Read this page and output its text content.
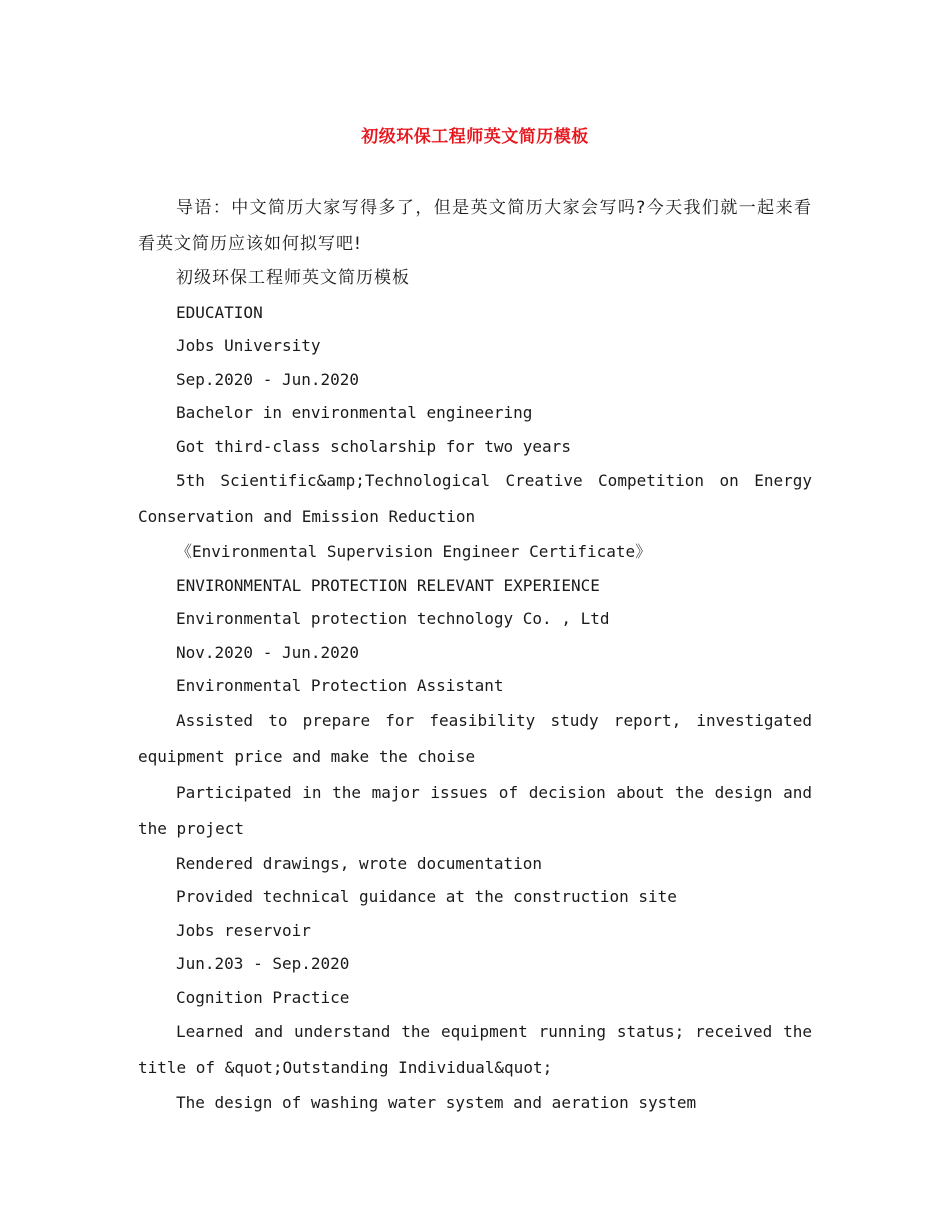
初级环保工程师英文简历模板

导语：中文简历大家写得多了，但是英文简历大家会写吗?今天我们就一起来看看英文简历应该如何拟写吧!

初级环保工程师英文简历模板

EDUCATION

Jobs University

Sep.2020 - Jun.2020

Bachelor in environmental engineering

Got third-class scholarship for two years

5th Scientific&amp;Technological Creative Competition on Energy Conservation and Emission Reduction

《Environmental Supervision Engineer Certificate》

ENVIRONMENTAL PROTECTION RELEVANT EXPERIENCE

Environmental protection technology Co. , Ltd

Nov.2020 - Jun.2020

Environmental Protection Assistant

Assisted to prepare for feasibility study report, investigated equipment price and make the choise

Participated in the major issues of decision about the design and the project

Rendered drawings, wrote documentation

Provided technical guidance at the construction site

Jobs reservoir

Jun.203 - Sep.2020

Cognition Practice

Learned and understand the equipment running status; received the title of &quot;Outstanding Individual&quot;

The design of washing water system and aeration system
